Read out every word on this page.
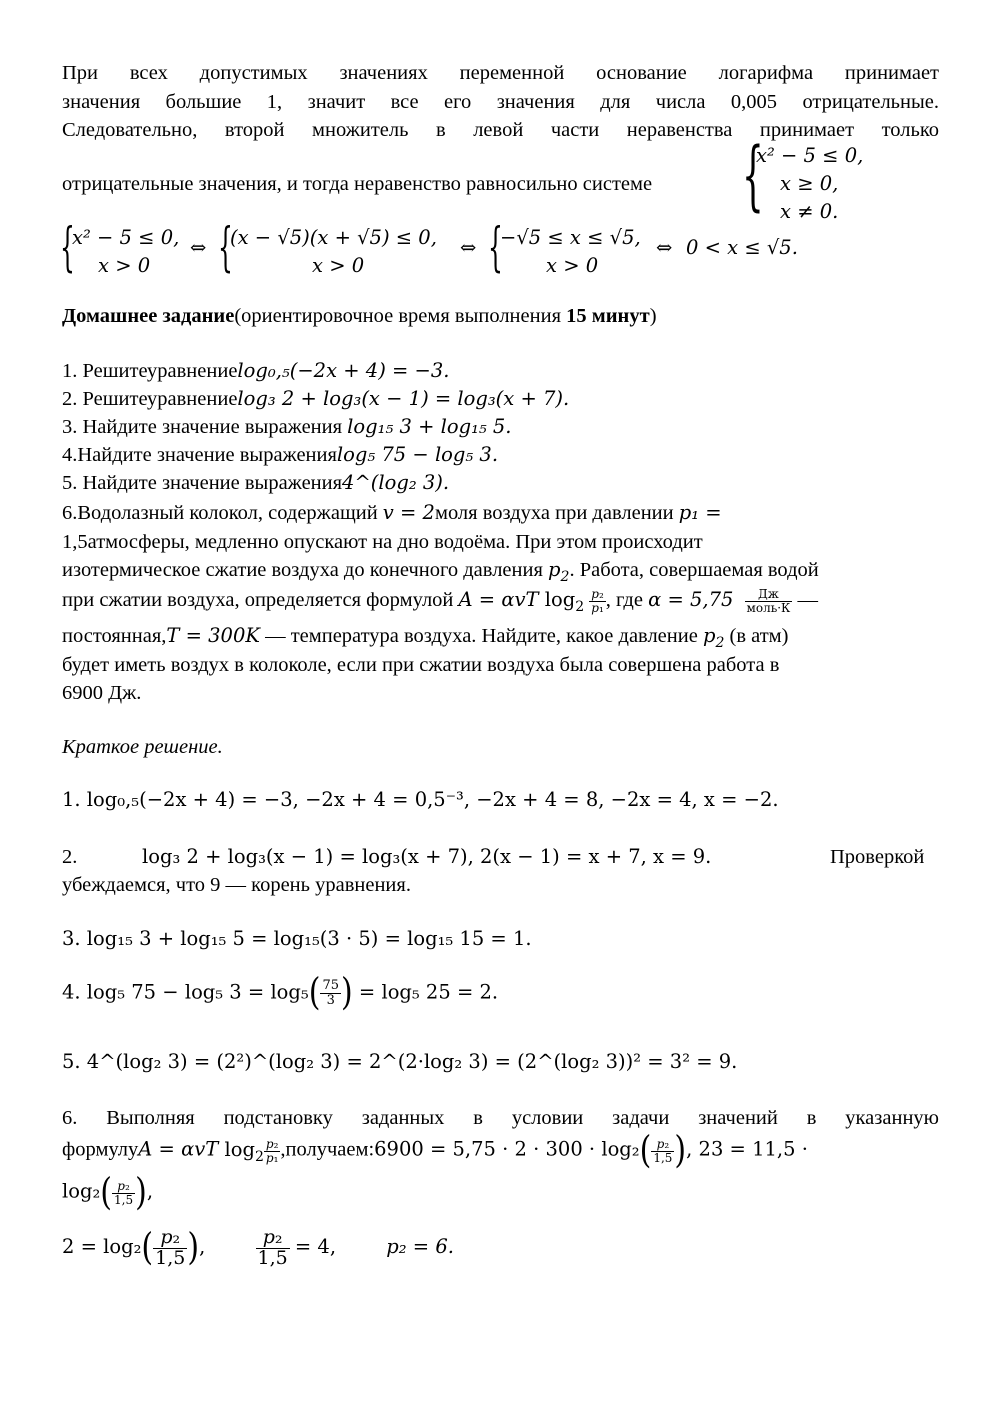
При всех допустимых значениях переменной основание логарифма принимает
значения большие 1, значит все его значения для числа 0,005 отрицательные.
Следовательно, второй множитель в левой части неравенства принимает только
отрицательные значения, и тогда неравенство равносильно системе {
x² − 5 ≤ 0,
x ≥ 0,
x ≠ 0.
{
x² − 5 ≤ 0,
x > 0
⇔ {
(x − √5)(x + √5) ≤ 0,
x > 0
⇔ {
−√5 ≤ x ≤ √5,
x > 0
⇔ 0 < x ≤ √5.
Домашнее задание(ориентировочное время выполнения 15 минут)
1. Решитеуравнениеlog₀,₅(−2x + 4) = −3.
2. Решитеуравнениеlog₃ 2 + log₃(x − 1) = log₃(x + 7).
3. Найдите значение выражения log₁₅ 3 + log₁₅ 5.
4.Найдите значение выраженияlog₅ 75 − log₅ 3.
5. Найдите значение выражения4^(log₂ 3).
6.Водолазный колокол, содержащий v = 2моля воздуха при давлении p₁ =
1,5атмосферы, медленно опускают на дно водоёма. При этом происходит
изотермическое сжатие воздуха до конечного давления $p_2$. Работа, совершаемая водой
при сжатии воздуха, определяется формулой A = αvT $\log_2 \frac{\text{p₂}}{\text{p₁}}$ , где $\alpha = 5,75 \frac{Дж}{\text{моль·К}}$ —
постоянная,T = 300K — температура воздуха. Найдите, какое давление $p_2$ (в атм)
будет иметь воздух в колоколе, если при сжатии воздуха была совершена работа в
6900 Дж.
Краткое решение.
1. log₀,₅(−2x + 4) = −3, −2x + 4 = 0,5⁻³, −2x + 4 = 8, −2x = 4, x = −2.
2.	log₃ 2 + log₃(x − 1) = log₃(x + 7), 2(x − 1) = x + 7, x = 9.	Проверкой
убеждаемся, что 9 — корень уравнения.
3. log₁₅ 3 + log₁₅ 5 = log₁₅(3 · 5) = log₁₅ 15 = 1.
4. log₅ 75 − log₅ $3 = \log_5( \frac{75}{3}$ ) = log₅ 25 = 2.
5. 4^(log₂ 3) = (2²)^(log₂ 3) = 2^(2·log₂ 3) = (2^(log₂ 3))² = 3² = 9.
6. Выполняя подстановку заданных в условии задачи значений в указанную
формулуA = αvT $\log_2 \frac{\text{p₂}}{\text{p₁}}$ ,получаем:6900 = $5,75 \cdot 2 \cdot 300 \cdot \log_2( \frac{\text{p₂}}{1,5}$ ), 23 = 11,5 ·
$\log_2( \frac{\text{p₂}}{1,5}$ ),
$2 = \log_2( \frac{\text{p₂}}{1,5}$ ),	$\frac{\text{p₂}}{1,5} = 4$,	p₂ = 6.
